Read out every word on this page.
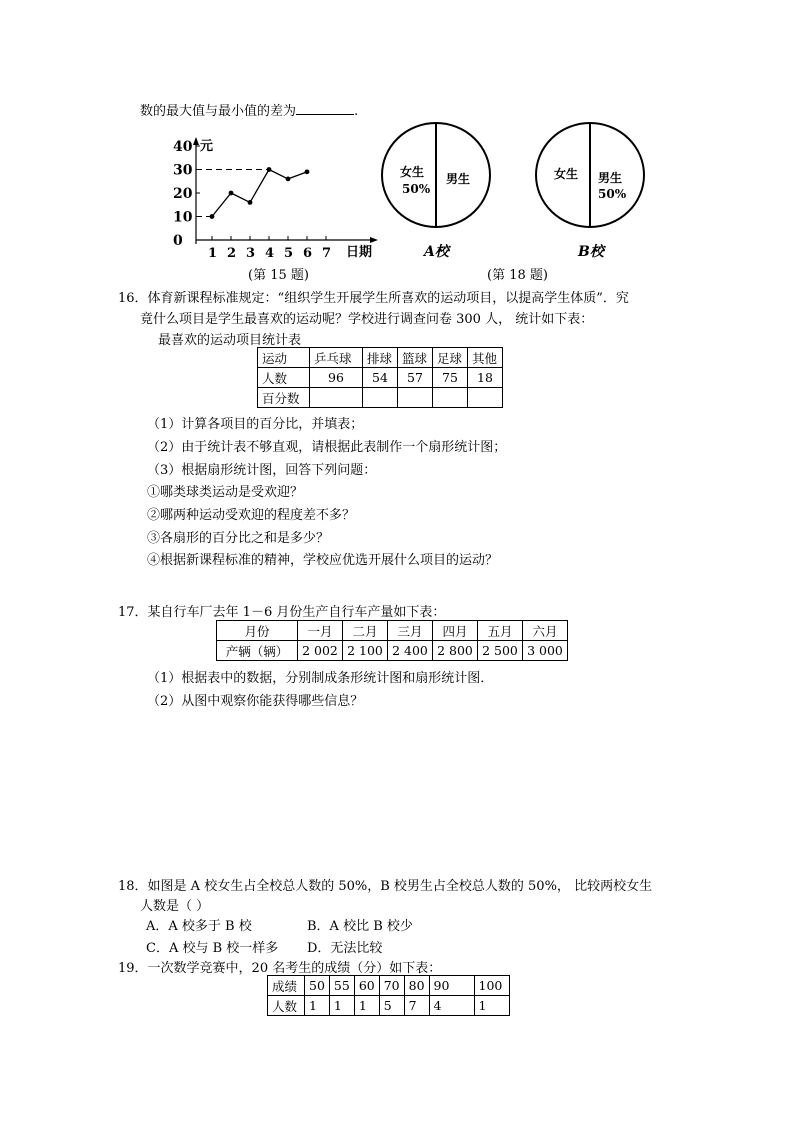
数的最大值与最小值的差为	.
0
10
20
30
40
1 2 3 4 5 6 7
元
日期
(第 15 题)
女生
50%
男生
A校
女生 男生
50%
B校
(第 18 题)
16．体育新课程标准规定：“组织学生开展学生所喜欢的运动项目，以提高学生体质”．究
竟什么项目是学生最喜欢的运动呢？学校进行调查问卷 300 人， 统计如下表：
最喜欢的运动项目统计表
运动	乒乓球	排球	篮球	足球	其他
人数	96	54	57	75	18
百分数					
（1）计算各项目的百分比，并填表；
（2）由于统计表不够直观，请根据此表制作一个扇形统计图；
（3）根据扇形统计图，回答下列问题：
①哪类球类运动是受欢迎？
②哪两种运动受欢迎的程度差不多？
③各扇形的百分比之和是多少？
④根据新课程标准的精神，学校应优选开展什么项目的运动？
17．某自行车厂去年 1－6 月份生产自行车产量如下表：
月份	一月	二月	三月	四月	五月	六月
产辆（辆）	2 002	2 100	2 400	2 800	2 500	3 000
（1）根据表中的数据，分别制成条形统计图和扇形统计图．
（2）从图中观察你能获得哪些信息？
18．如图是 A 校女生占全校总人数的 50%，B 校男生占全校总人数的 50%， 比较两校女生
人数是（ ）
A．A 校多于 B 校	B．A 校比 B 校少
C．A 校与 B 校一样多 D．无法比较
19．一次数学竞赛中，20 名考生的成绩（分）如下表：
成绩	50	55	60	70	80	90	100
人数	1	1	1	5	7	4	1
